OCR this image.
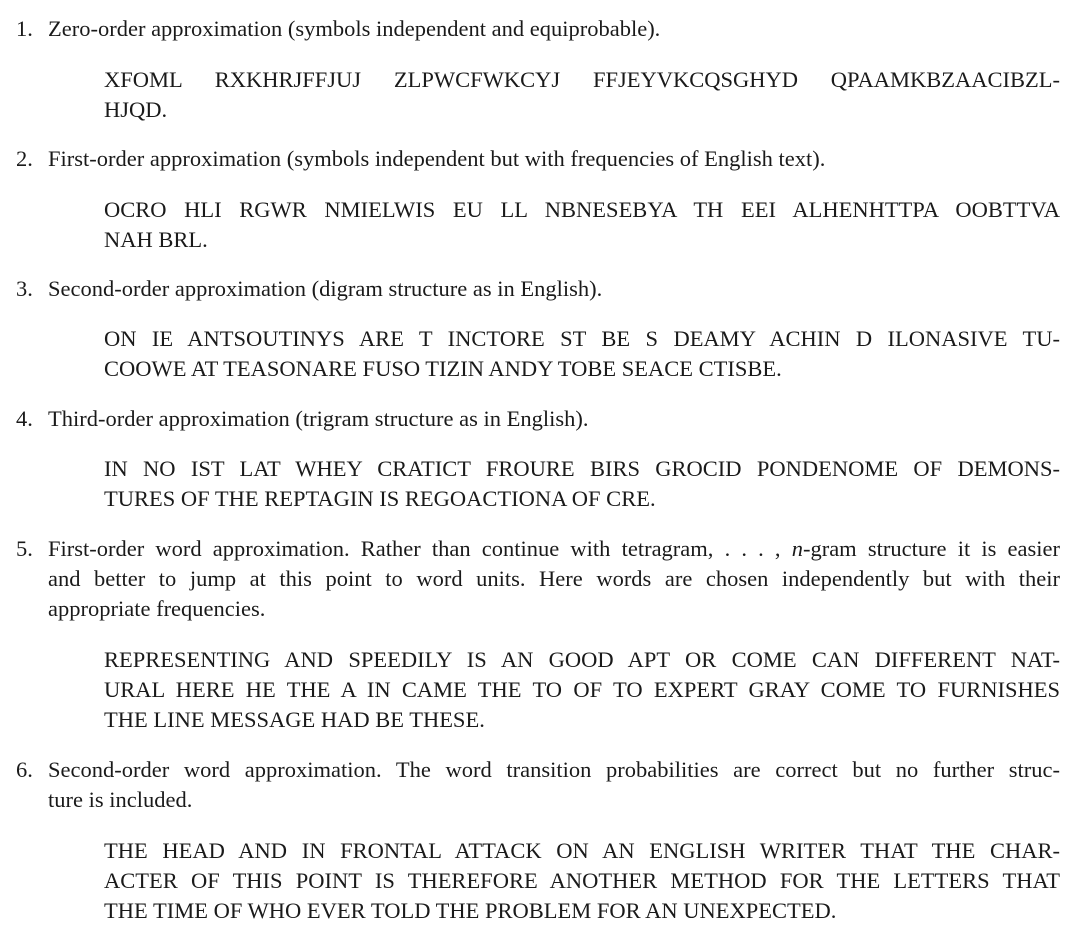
1. Zero-order approximation (symbols independent and equiprobable).
XFOML RXKHRJFFJUJ ZLPWCFWKCYJ FFJEYVKCQSGHYD QPAAMKBZAACIBZL-
HJQD.
2. First-order approximation (symbols independent but with frequencies of English text).
OCRO HLI RGWR NMIELWIS EU LL NBNESEBYA TH EEI ALHENHTTPA OOBTTVA
NAH BRL.
3. Second-order approximation (digram structure as in English).
ON IE ANTSOUTINYS ARE T INCTORE ST BE S DEAMY ACHIN D ILONASIVE TU-
COOWE AT TEASONARE FUSO TIZIN ANDY TOBE SEACE CTISBE.
4. Third-order approximation (trigram structure as in English).
IN NO IST LAT WHEY CRATICT FROURE BIRS GROCID PONDENOME OF DEMONS-
TURES OF THE REPTAGIN IS REGOACTIONA OF CRE.
5. First-order word approximation. Rather than continue with tetragram, . . . , n-gram structure it is easier
and better to jump at this point to word units. Here words are chosen independently but with their
appropriate frequencies.
REPRESENTING AND SPEEDILY IS AN GOOD APT OR COME CAN DIFFERENT NAT-
URAL HERE HE THE A IN CAME THE TO OF TO EXPERT GRAY COME TO FURNISHES
THE LINE MESSAGE HAD BE THESE.
6. Second-order word approximation. The word transition probabilities are correct but no further struc-
ture is included.
THE HEAD AND IN FRONTAL ATTACK ON AN ENGLISH WRITER THAT THE CHAR-
ACTER OF THIS POINT IS THEREFORE ANOTHER METHOD FOR THE LETTERS THAT
THE TIME OF WHO EVER TOLD THE PROBLEM FOR AN UNEXPECTED.
